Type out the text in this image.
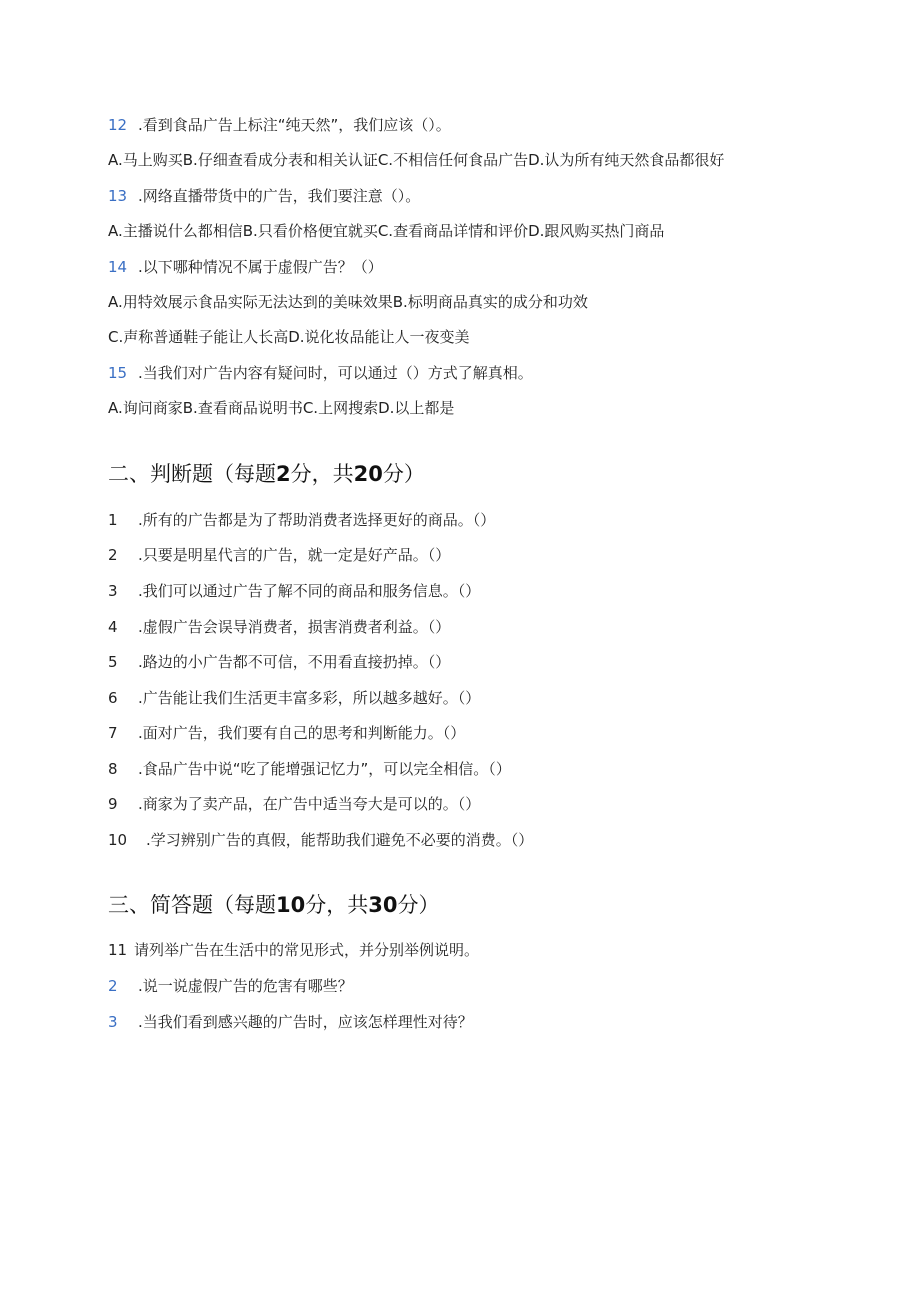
12 .看到食品广告上标注“纯天然”，我们应该（）。
A.马上购买B.仔细查看成分表和相关认证C.不相信任何食品广告D.认为所有纯天然食品都很好
13 .网络直播带货中的广告，我们要注意（）。
A.主播说什么都相信B.只看价格便宜就买C.查看商品详情和评价D.跟风购买热门商品
14 .以下哪种情况不属于虚假广告？（）
A.用特效展示食品实际无法达到的美味效果B.标明商品真实的成分和功效
C.声称普通鞋子能让人长高D.说化妆品能让人一夜变美
15 .当我们对广告内容有疑问时，可以通过（）方式了解真相。
A.询问商家B.查看商品说明书C.上网搜索D.以上都是
二、判断题（每题2分，共20分）
1 .所有的广告都是为了帮助消费者选择更好的商品。（）
2 .只要是明星代言的广告，就一定是好产品。（）
3 .我们可以通过广告了解不同的商品和服务信息。（）
4 .虚假广告会误导消费者，损害消费者利益。（）
5 .路边的小广告都不可信，不用看直接扔掉。（）
6 .广告能让我们生活更丰富多彩，所以越多越好。（）
7 .面对广告，我们要有自己的思考和判断能力。（）
8 .食品广告中说“吃了能增强记忆力”，可以完全相信。（）
9 .商家为了卖产品，在广告中适当夸大是可以的。（）
10 .学习辨别广告的真假，能帮助我们避免不必要的消费。（）
三、简答题（每题10分，共30分）
11 请列举广告在生活中的常见形式，并分别举例说明。
2 .说一说虚假广告的危害有哪些？
3 .当我们看到感兴趣的广告时，应该怎样理性对待？
